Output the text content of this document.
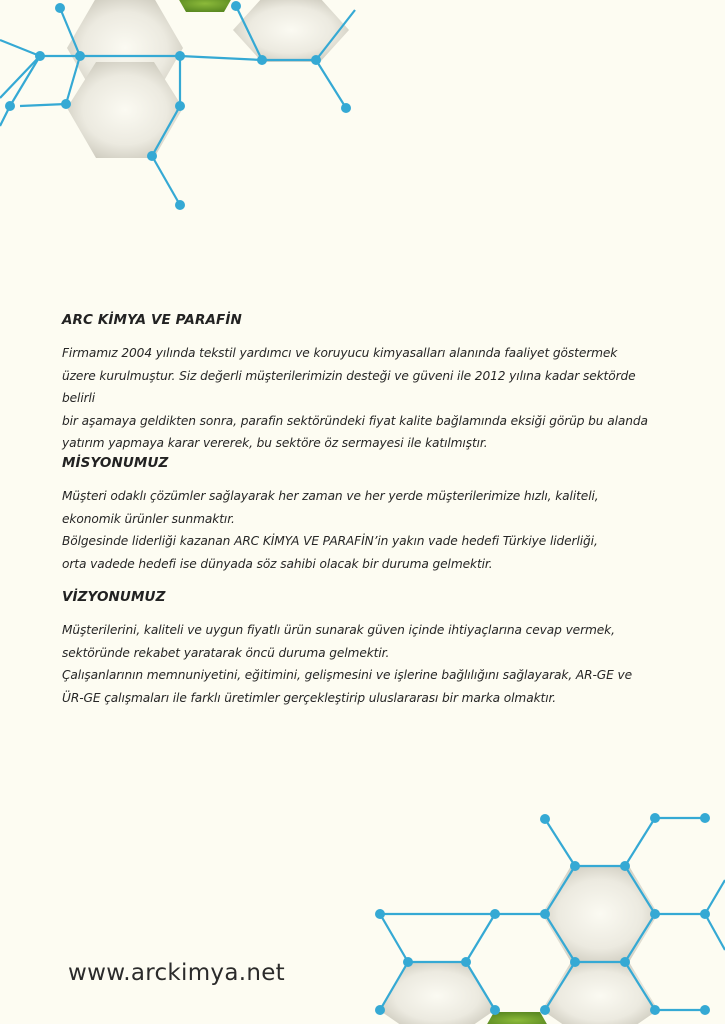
ARC KİMYA VE PARAFİN

Firmamız 2004 yılında tekstil yardımcı ve koruyucu kimyasalları alanında faaliyet göstermek
üzere kurulmuştur. Siz değerli müşterilerimizin desteği ve güveni ile 2012 yılına kadar sektörde belirli
bir aşamaya geldikten sonra, parafin sektöründeki fiyat kalite bağlamında eksiği görüp bu alanda
yatırım yapmaya karar vererek, bu sektöre öz sermayesi ile katılmıştır.

MİSYONUMUZ

Müşteri odaklı çözümler sağlayarak her zaman ve her yerde müşterilerimize hızlı, kaliteli,
ekonomik ürünler sunmaktır.
Bölgesinde liderliği kazanan ARC KİMYA VE PARAFİN’in yakın vade hedefi Türkiye liderliği,
orta vadede hedefi ise dünyada söz sahibi olacak bir duruma gelmektir.

VİZYONUMUZ

Müşterilerini, kaliteli ve uygun fiyatlı ürün sunarak güven içinde ihtiyaçlarına cevap vermek,
sektöründe rekabet yaratarak öncü duruma gelmektir.
Çalışanlarının memnuniyetini, eğitimini, gelişmesini ve işlerine bağlılığını sağlayarak, AR-GE ve
ÜR-GE çalışmaları ile farklı üretimler gerçekleştirip uluslararası bir marka olmaktır.

www.arckimya.net
